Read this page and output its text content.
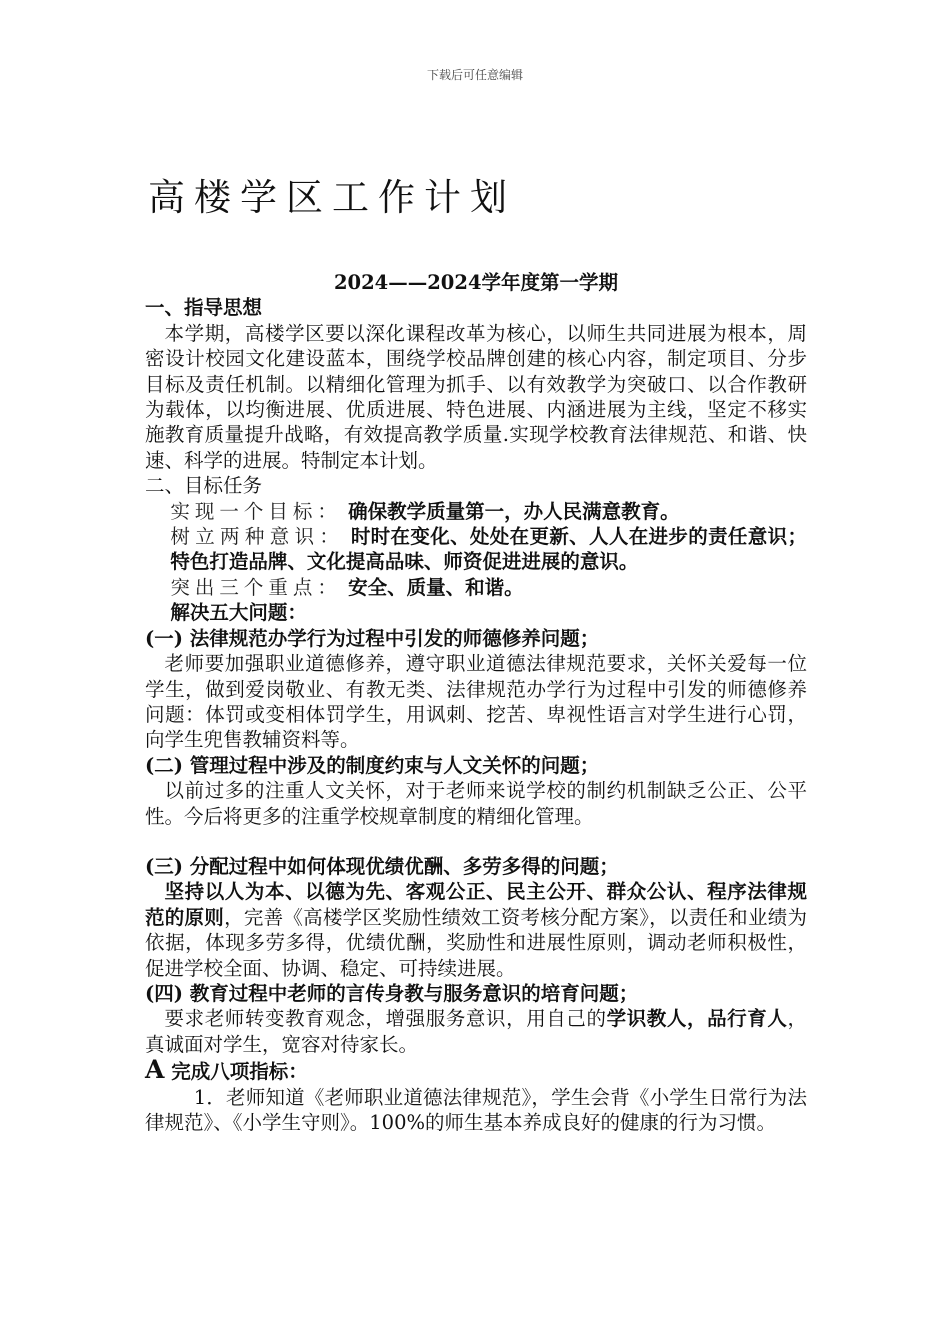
下载后可任意编辑
高楼学区工作计划

2024——2024学年度第一学期

一、指导思想

本学期，高楼学区要以深化课程改革为核心，以师生共同进展为根本，周密设计校园文化建设蓝本，围绕学校品牌创建的核心内容，制定项目、分步目标及责任机制。以精细化管理为抓手、以有效教学为突破口、以合作教研为载体，以均衡进展、优质进展、特色进展、内涵进展为主线，坚定不移实施教育质量提升战略，有效提高教学质量.实现学校教育法律规范、和谐、快速、科学的进展。特制定本计划。

二、目标任务

实现一个目标： 确保教学质量第一，办人民满意教育。

树立两种意识： 时时在变化、处处在更新、人人在进步的责任意识；特色打造品牌、文化提高品味、师资促进进展的意识。

突出三个重点： 安全、质量、和谐。

解决五大问题：

(一) 法律规范办学行为过程中引发的师德修养问题；

老师要加强职业道德修养，遵守职业道德法律规范要求，关怀关爱每一位学生，做到爱岗敬业、有教无类、法律规范办学行为过程中引发的师德修养问题：体罚或变相体罚学生，用讽刺、挖苦、卑视性语言对学生进行心罚，向学生兜售教辅资料等。

(二) 管理过程中涉及的制度约束与人文关怀的问题；

以前过多的注重人文关怀，对于老师来说学校的制约机制缺乏公正、公平性。今后将更多的注重学校规章制度的精细化管理。

(三) 分配过程中如何体现优绩优酬、多劳多得的问题；

坚持以人为本、以德为先、客观公正、民主公开、群众公认、程序法律规范的原则，完善《高楼学区奖励性绩效工资考核分配方案》，以责任和业绩为依据，体现多劳多得，优绩优酬，奖励性和进展性原则，调动老师积极性，促进学校全面、协调、稳定、可持续进展。

(四) 教育过程中老师的言传身教与服务意识的培育问题；

要求老师转变教育观念，增强服务意识，用自己的学识教人，品行育人，真诚面对学生，宽容对待家长。

A 完成八项指标：

1．老师知道《老师职业道德法律规范》，学生会背《小学生日常行为法律规范》、《小学生守则》。100%的师生基本养成良好的健康的行为习惯。
